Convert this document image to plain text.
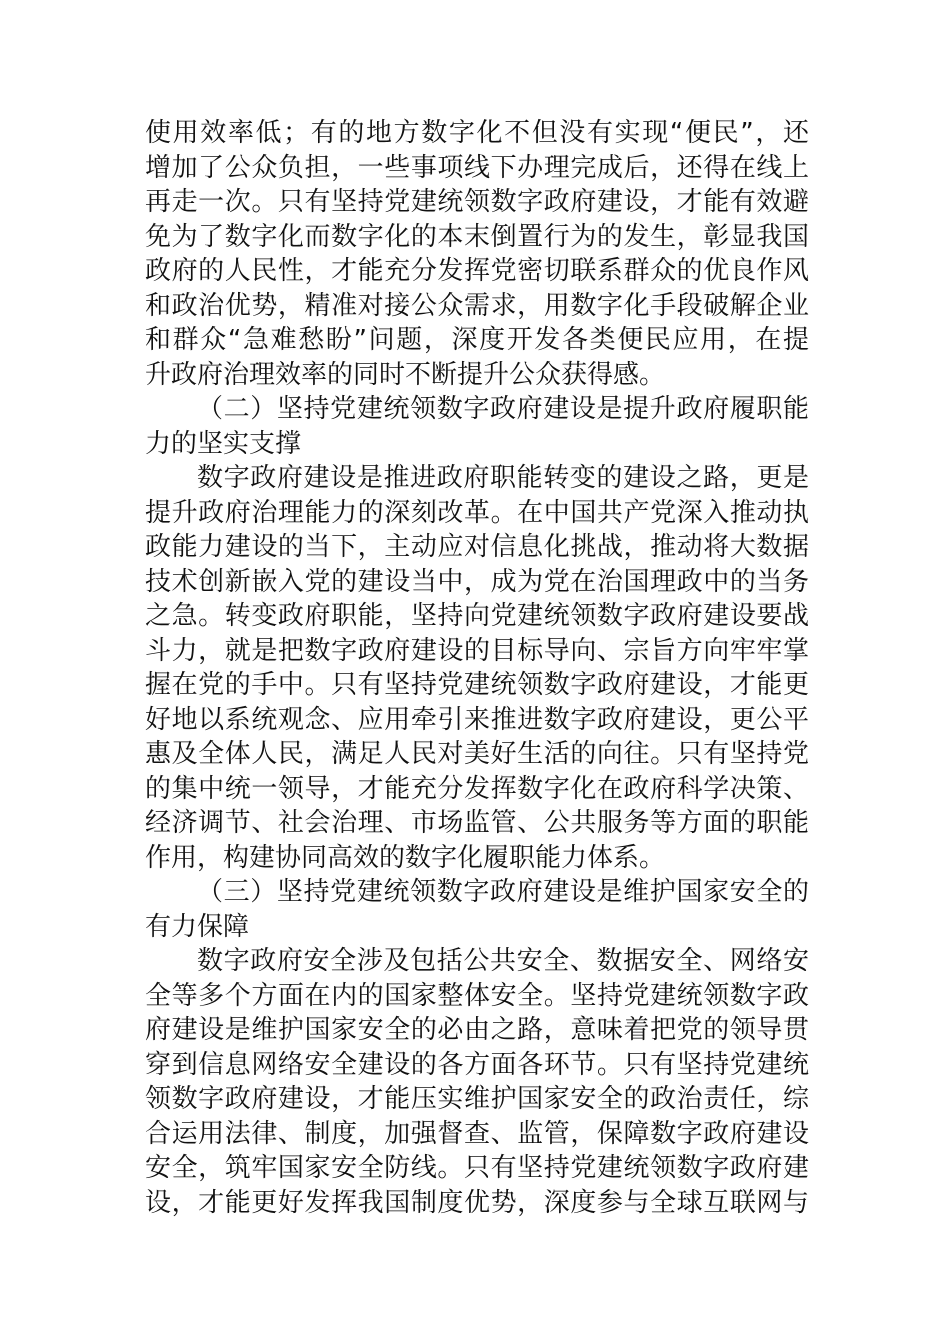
使用效率低；有的地方数字化不但没有实现“便民”，还
增加了公众负担，一些事项线下办理完成后，还得在线上
再走一次。只有坚持党建统领数字政府建设，才能有效避
免为了数字化而数字化的本末倒置行为的发生，彰显我国
政府的人民性，才能充分发挥党密切联系群众的优良作风
和政治优势，精准对接公众需求，用数字化手段破解企业
和群众“急难愁盼”问题，深度开发各类便民应用，在提
升政府治理效率的同时不断提升公众获得感。
（二）坚持党建统领数字政府建设是提升政府履职能
力的坚实支撑
数字政府建设是推进政府职能转变的建设之路，更是
提升政府治理能力的深刻改革。在中国共产党深入推动执
政能力建设的当下，主动应对信息化挑战，推动将大数据
技术创新嵌入党的建设当中，成为党在治国理政中的当务
之急。转变政府职能，坚持向党建统领数字政府建设要战
斗力，就是把数字政府建设的目标导向、宗旨方向牢牢掌
握在党的手中。只有坚持党建统领数字政府建设，才能更
好地以系统观念、应用牵引来推进数字政府建设，更公平
惠及全体人民，满足人民对美好生活的向往。只有坚持党
的集中统一领导，才能充分发挥数字化在政府科学决策、
经济调节、社会治理、市场监管、公共服务等方面的职能
作用，构建协同高效的数字化履职能力体系。
（三）坚持党建统领数字政府建设是维护国家安全的
有力保障
数字政府安全涉及包括公共安全、数据安全、网络安
全等多个方面在内的国家整体安全。坚持党建统领数字政
府建设是维护国家安全的必由之路，意味着把党的领导贯
穿到信息网络安全建设的各方面各环节。只有坚持党建统
领数字政府建设，才能压实维护国家安全的政治责任，综
合运用法律、制度，加强督查、监管，保障数字政府建设
安全，筑牢国家安全防线。只有坚持党建统领数字政府建
设，才能更好发挥我国制度优势，深度参与全球互联网与
